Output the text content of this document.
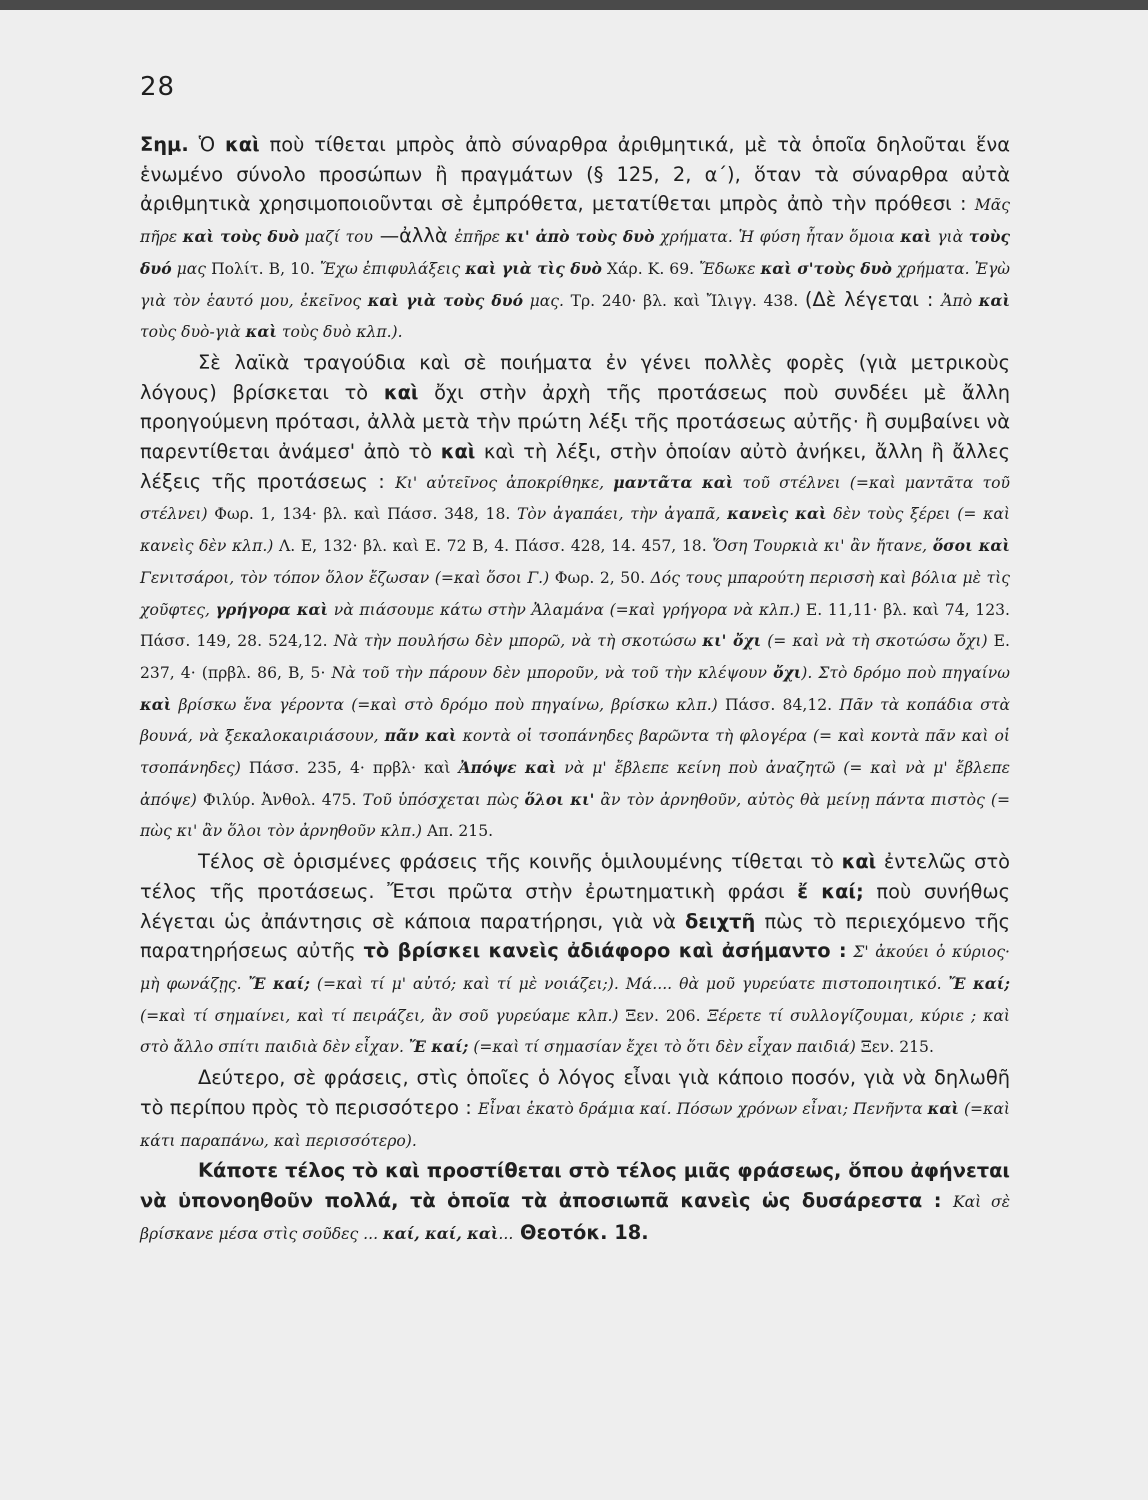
28

Σημ. Ὁ καὶ ποὺ τίθεται μπρὸς ἀπὸ σύναρθρα ἀριθμητικά, μὲ τὰ ὁποῖα δηλοῦται ἕνα ἑνωμένο σύνολο προσώπων ἢ πραγμάτων (§ 125, 2, α΄), ὅταν τὰ σύναρθρα αὐτὰ ἀριθμητικὰ χρησιμοποιοῦνται σὲ ἐμπρόθετα, μετατίθεται μπρὸς ἀπὸ τὴν πρόθεσι : Μᾶς πῆρε καὶ τοὺς δυὸ μαζί του —ἀλλὰ ἐπῆρε κι' ἀπὸ τοὺς δυὸ χρήματα. Ἡ φύση ἦταν ὅμοια καὶ γιὰ τοὺς δυό μας Πολίτ. Β, 10. Ἔχω ἐπιφυλάξεις καὶ γιὰ τὶς δυὸ Χάρ. Κ. 69. Ἔδωκε καὶ σ'τοὺς δυὸ χρήματα. Ἐγὼ γιὰ τὸν ἑαυτό μου, ἐκεῖνος καὶ γιὰ τοὺς δυό μας. Τρ. 240· βλ. καὶ Ἴλιγγ. 438. (Δὲ λέγεται : Ἀπὸ καὶ τοὺς δυὸ-γιὰ καὶ τοὺς δυὸ κλπ.).

Σὲ λαϊκὰ τραγούδια καὶ σὲ ποιήματα ἐν γένει πολλὲς φορὲς (γιὰ μετρικοὺς λόγους) βρίσκεται τὸ καὶ ὄχι στὴν ἀρχὴ τῆς προτάσεως ποὺ συνδέει μὲ ἄλλη προηγούμενη πρότασι, ἀλλὰ μετὰ τὴν πρώτη λέξι τῆς προτάσεως αὐτῆς· ἢ συμβαίνει νὰ παρεντίθεται ἀνάμεσ' ἀπὸ τὸ καὶ καὶ τὴ λέξι, στὴν ὁποίαν αὐτὸ ἀνήκει, ἄλλη ἢ ἄλλες λέξεις τῆς προτάσεως : Κι' αὐτεῖνος ἀποκρίθηκε, μαντᾶτα καὶ τοῦ στέλνει (=καὶ μαντᾶτα τοῦ στέλνει) Φωρ. 1, 134· βλ. καὶ Πάσσ. 348, 18. Τὸν ἀγαπάει, τὴν ἀγαπᾶ, κανεὶς καὶ δὲν τοὺς ξέρει (= καὶ κανεὶς δὲν κλπ.) Λ. Ε, 132· βλ. καὶ Ε. 72 Β, 4. Πάσσ. 428, 14. 457, 18. Ὅση Τουρκιὰ κι' ἂν ἤτανε, ὅσοι καὶ Γενιτσάροι, τὸν τόπον ὅλον ἔζωσαν (=καὶ ὅσοι Γ.) Φωρ. 2, 50. Δός τους μπαρούτη περισσὴ καὶ βόλια μὲ τὶς χοῦφτες, γρήγορα καὶ νὰ πιάσουμε κάτω στὴν Ἀλαμάνα (=καὶ γρήγορα νὰ κλπ.) Ε. 11,11· βλ. καὶ 74, 123. Πάσσ. 149, 28. 524,12. Νὰ τὴν πουλήσω δὲν μπορῶ, νὰ τὴ σκοτώσω κι' ὄχι (= καὶ νὰ τὴ σκοτώσω ὄχι) Ε. 237, 4· (πρβλ. 86, Β, 5· Νὰ τοῦ τὴν πάρουν δὲν μποροῦν, νὰ τοῦ τὴν κλέψουν ὄχι). Στὸ δρόμο ποὺ πηγαίνω καὶ βρίσκω ἕνα γέροντα (=καὶ στὸ δρόμο ποὺ πηγαίνω, βρίσκω κλπ.) Πάσσ. 84,12. Πᾶν τὰ κοπάδια στὰ βουνά, νὰ ξεκαλοκαιριάσουν, πᾶν καὶ κοντὰ οἱ τσοπάνηδες βαρῶντα τὴ φλογέρα (= καὶ κοντὰ πᾶν καὶ οἱ τσοπάνηδες) Πάσσ. 235, 4· πρβλ· καὶ Ἀπόψε καὶ νὰ μ' ἔβλεπε κείνη ποὺ ἀναζητῶ (= καὶ νὰ μ' ἔβλεπε ἀπόψε) Φιλύρ. Ἀνθολ. 475. Τοῦ ὑπόσχεται πὼς ὅλοι κι' ἂν τὸν ἀρνηθοῦν, αὐτὸς θὰ μείνῃ πάντα πιστὸς (= πὼς κι' ἂν ὅλοι τὸν ἀρνηθοῦν κλπ.) Απ. 215.

Τέλος σὲ ὁρισμένες φράσεις τῆς κοινῆς ὁμιλουμένης τίθεται τὸ καὶ ἐντελῶς στὸ τέλος τῆς προτάσεως. Ἔτσι πρῶτα στὴν ἐρωτηματικὴ φράσι ἔ καί; ποὺ συνήθως λέγεται ὡς ἀπάντησις σὲ κάποια παρατήρησι, γιὰ νὰ δειχτῆ πὼς τὸ περιεχόμενο τῆς παρατηρήσεως αὐτῆς τὸ βρίσκει κανεὶς ἀδιάφορο καὶ ἀσήμαντο : Σ' ἀκούει ὁ κύριος· μὴ φωνάζῃς. Ἔ καί; (=καὶ τί μ' αὐτό; καὶ τί μὲ νοιάζει;). Μά.... θὰ μοῦ γυρεύατε πιστοποιητικό. Ἔ καί; (=καὶ τί σημαίνει, καὶ τί πειράζει, ἂν σοῦ γυρεύαμε κλπ.) Ξεν. 206. Ξέρετε τί συλλογίζουμαι, κύριε ; καὶ στὸ ἄλλο σπίτι παιδιὰ δὲν εἶχαν. Ἔ καί; (=καὶ τί σημασίαν ἔχει τὸ ὅτι δὲν εἶχαν παιδιά) Ξεν. 215.

Δεύτερο, σὲ φράσεις, στὶς ὁποῖες ὁ λόγος εἶναι γιὰ κάποιο ποσόν, γιὰ νὰ δηλωθῆ τὸ περίπου πρὸς τὸ περισσότερο : Εἶναι ἑκατὸ δράμια καί. Πόσων χρόνων εἶναι; Πενῆντα καὶ (=καὶ κάτι παραπάνω, καὶ περισσότερο).

Κάποτε τέλος τὸ καὶ προστίθεται στὸ τέλος μιᾶς φράσεως, ὅπου ἀφήνεται νὰ ὑπονοηθοῦν πολλά, τὰ ὁποῖα τὰ ἀποσιωπᾶ κανεὶς ὡς δυσάρεστα : Καὶ σὲ βρίσκανε μέσα στὶς σοῦδες ... καί, καί, καὶ... Θεοτόκ. 18.
